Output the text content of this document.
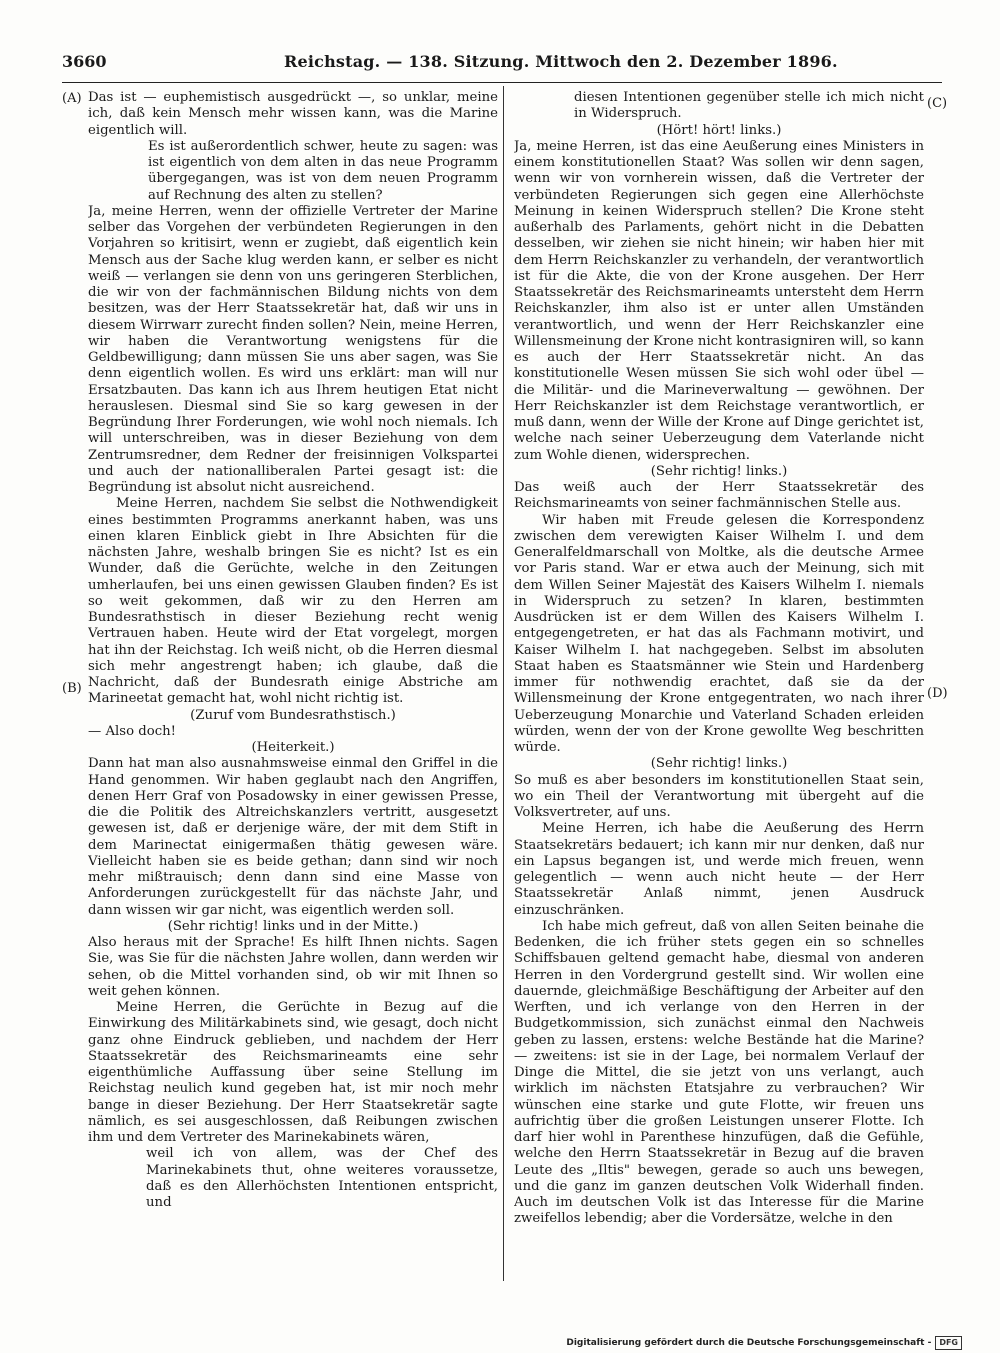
3660	Reichstag. — 138. Sitzung. Mittwoch den 2. Dezember 1896.
(A)
(B)
(C)
(D)

Das ist — euphemistisch ausgedrückt —, so unklar, meine ich, daß kein Mensch mehr wissen kann, was die Marine eigentlich will.

Es ist außerordentlich schwer, heute zu sagen: was ist eigentlich von dem alten in das neue Programm übergegangen, was ist von dem neuen Programm auf Rechnung des alten zu stellen?

Ja, meine Herren, wenn der offizielle Vertreter der Marine selber das Vorgehen der verbündeten Regierungen in den Vorjahren so kritisirt, wenn er zugiebt, daß eigentlich kein Mensch aus der Sache klug werden kann, er selber es nicht weiß — verlangen sie denn von uns geringeren Sterblichen, die wir von der fachmännischen Bildung nichts von dem besitzen, was der Herr Staatssekretär hat, daß wir uns in diesem Wirrwarr zurecht finden sollen? Nein, meine Herren, wir haben die Verantwortung wenigstens für die Geldbewilligung; dann müssen Sie uns aber sagen, was Sie denn eigentlich wollen. Es wird uns erklärt: man will nur Ersatzbauten. Das kann ich aus Ihrem heutigen Etat nicht herauslesen. Diesmal sind Sie so karg gewesen in der Begründung Ihrer Forderungen, wie wohl noch niemals. Ich will unterschreiben, was in dieser Beziehung von dem Zentrumsredner, dem Redner der freisinnigen Volkspartei und auch der nationalliberalen Partei gesagt ist: die Begründung ist absolut nicht ausreichend.

Meine Herren, nachdem Sie selbst die Nothwendigkeit eines bestimmten Programms anerkannt haben, was uns einen klaren Einblick giebt in Ihre Absichten für die nächsten Jahre, weshalb bringen Sie es nicht? Ist es ein Wunder, daß die Gerüchte, welche in den Zeitungen umherlaufen, bei uns einen gewissen Glauben finden? Es ist so weit gekommen, daß wir zu den Herren am Bundesrathstisch in dieser Beziehung recht wenig Vertrauen haben. Heute wird der Etat vorgelegt, morgen hat ihn der Reichstag. Ich weiß nicht, ob die Herren diesmal sich mehr angestrengt haben; ich glaube, daß die Nachricht, daß der Bundesrath einige Abstriche am Marineetat gemacht hat, wohl nicht richtig ist.

(Zuruf vom Bundesrathstisch.)

— Also doch!

(Heiterkeit.)

Dann hat man also ausnahmsweise einmal den Griffel in die Hand genommen. Wir haben geglaubt nach den Angriffen, denen Herr Graf von Posadowsky in einer gewissen Presse, die die Politik des Altreichskanzlers vertritt, ausgesetzt gewesen ist, daß er derjenige wäre, der mit dem Stift in dem Marinectat einigermaßen thätig gewesen wäre. Vielleicht haben sie es beide gethan; dann sind wir noch mehr mißtrauisch; denn dann sind eine Masse von Anforderungen zurückgestellt für das nächste Jahr, und dann wissen wir gar nicht, was eigentlich werden soll.

(Sehr richtig! links und in der Mitte.)

Also heraus mit der Sprache! Es hilft Ihnen nichts. Sagen Sie, was Sie für die nächsten Jahre wollen, dann werden wir sehen, ob die Mittel vorhanden sind, ob wir mit Ihnen so weit gehen können.

Meine Herren, die Gerüchte in Bezug auf die Einwirkung des Militärkabinets sind, wie gesagt, doch nicht ganz ohne Eindruck geblieben, und nachdem der Herr Staatssekretär des Reichsmarineamts eine sehr eigenthümliche Auffassung über seine Stellung im Reichstag neulich kund gegeben hat, ist mir noch mehr bange in dieser Beziehung. Der Herr Staatsekretär sagte nämlich, es sei ausgeschlossen, daß Reibungen zwischen ihm und dem Vertreter des Marinekabinets wären,

weil ich von allem, was der Chef des Marinekabinets thut, ohne weiteres voraussetze, daß es den Allerhöchsten Intentionen entspricht, und

diesen Intentionen gegenüber stelle ich mich nicht in Widerspruch.

(Hört! hört! links.)

Ja, meine Herren, ist das eine Aeußerung eines Ministers in einem konstitutionellen Staat? Was sollen wir denn sagen, wenn wir von vornherein wissen, daß die Vertreter der verbündeten Regierungen sich gegen eine Allerhöchste Meinung in keinen Widerspruch stellen? Die Krone steht außerhalb des Parlaments, gehört nicht in die Debatten desselben, wir ziehen sie nicht hinein; wir haben hier mit dem Herrn Reichskanzler zu verhandeln, der verantwortlich ist für die Akte, die von der Krone ausgehen. Der Herr Staatssekretär des Reichsmarineamts untersteht dem Herrn Reichskanzler, ihm also ist er unter allen Umständen verantwortlich, und wenn der Herr Reichskanzler eine Willensmeinung der Krone nicht kontrasigniren will, so kann es auch der Herr Staatssekretär nicht. An das konstitutionelle Wesen müssen Sie sich wohl oder übel — die Militär- und die Marineverwaltung — gewöhnen. Der Herr Reichskanzler ist dem Reichstage verantwortlich, er muß dann, wenn der Wille der Krone auf Dinge gerichtet ist, welche nach seiner Ueberzeugung dem Vaterlande nicht zum Wohle dienen, widersprechen.

(Sehr richtig! links.)

Das weiß auch der Herr Staatssekretär des Reichsmarineamts von seiner fachmännischen Stelle aus.

Wir haben mit Freude gelesen die Korrespondenz zwischen dem verewigten Kaiser Wilhelm I. und dem Generalfeldmarschall von Moltke, als die deutsche Armee vor Paris stand. War er etwa auch der Meinung, sich mit dem Willen Seiner Majestät des Kaisers Wilhelm I. niemals in Widerspruch zu setzen? In klaren, bestimmten Ausdrücken ist er dem Willen des Kaisers Wilhelm I. entgegengetreten, er hat das als Fachmann motivirt, und Kaiser Wilhelm I. hat nachgegeben. Selbst im absoluten Staat haben es Staatsmänner wie Stein und Hardenberg immer für nothwendig erachtet, daß sie da der Willensmeinung der Krone entgegentraten, wo nach ihrer Ueberzeugung Monarchie und Vaterland Schaden erleiden würden, wenn der von der Krone gewollte Weg beschritten würde.

(Sehr richtig! links.)

So muß es aber besonders im konstitutionellen Staat sein, wo ein Theil der Verantwortung mit übergeht auf die Volksvertreter, auf uns.

Meine Herren, ich habe die Aeußerung des Herrn Staatsekretärs bedauert; ich kann mir nur denken, daß nur ein Lapsus begangen ist, und werde mich freuen, wenn gelegentlich — wenn auch nicht heute — der Herr Staatssekretär Anlaß nimmt, jenen Ausdruck einzuschränken.

Ich habe mich gefreut, daß von allen Seiten beinahe die Bedenken, die ich früher stets gegen ein so schnelles Schiffsbauen geltend gemacht habe, diesmal von anderen Herren in den Vordergrund gestellt sind. Wir wollen eine dauernde, gleichmäßige Beschäftigung der Arbeiter auf den Werften, und ich verlange von den Herren in der Budgetkommission, sich zunächst einmal den Nachweis geben zu lassen, erstens: welche Bestände hat die Marine? — zweitens: ist sie in der Lage, bei normalem Verlauf der Dinge die Mittel, die sie jetzt von uns verlangt, auch wirklich im nächsten Etatsjahre zu verbrauchen? Wir wünschen eine starke und gute Flotte, wir freuen uns aufrichtig über die großen Leistungen unserer Flotte. Ich darf hier wohl in Parenthese hinzufügen, daß die Gefühle, welche den Herrn Staatssekretär in Bezug auf die braven Leute des „Iltis" bewegen, gerade so auch uns bewegen, und die ganz im ganzen deutschen Volk Widerhall finden. Auch im deutschen Volk ist das Interesse für die Marine zweifellos lebendig; aber die Vordersätze, welche in den

Digitalisierung gefördert durch die Deutsche Forschungsgemeinschaft -	DFG
